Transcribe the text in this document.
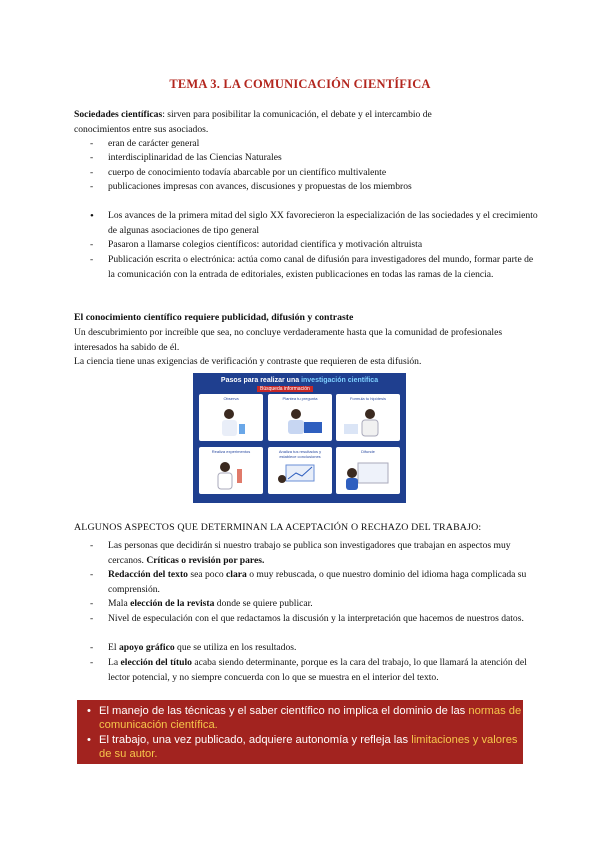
TEMA 3. LA COMUNICACIÓN CIENTÍFICA
Sociedades científicas: sirven para posibilitar la comunicación, el debate y el intercambio de
conocimientos entre sus asociados.
- eran de carácter general
- interdisciplinaridad de las Ciencias Naturales
- cuerpo de conocimiento todavía abarcable por un científico multivalente
- publicaciones impresas con avances, discusiones y propuestas de los miembros
• Los avances de la primera mitad del siglo XX favorecieron la especialización de las sociedades y el crecimiento de algunas asociaciones de tipo general
- Pasaron a llamarse colegios científicos: autoridad científica y motivación altruista
- Publicación escrita o electrónica: actúa como canal de difusión para investigadores del mundo, formar parte de la comunicación con la entrada de editoriales, existen publicaciones en todas las ramas de la ciencia.
El conocimiento científico requiere publicidad, difusión y contraste
Un descubrimiento por increíble que sea, no concluye verdaderamente hasta que la comunidad de profesionales interesados ha sabido de él.
La ciencia tiene unas exigencias de verificación y contraste que requieren de esta difusión.
Pasos para realizar una investigación científica
Búsqueda información
Observa	Plantea tu pregunta	Formula tu hipótesis
Realiza experimentos	Analiza tus resultados y establece conclusiones
Difunde
ALGUNOS ASPECTOS QUE DETERMINAN LA ACEPTACIÓN O RECHAZO DEL TRABAJO:
- Las personas que decidirán si nuestro trabajo se publica son investigadores que trabajan en aspectos muy cercanos. Críticas o revisión por pares.
- Redacción del texto sea poco clara o muy rebuscada, o que nuestro dominio del idioma haga complicada su comprensión.
- Mala elección de la revista donde se quiere publicar.
- Nivel de especulación con el que redactamos la discusión y la interpretación que hacemos de nuestros datos.
- El apoyo gráfico que se utiliza en los resultados.
- La elección del título acaba siendo determinante, porque es la cara del trabajo, lo que llamará la atención del lector potencial, y no siempre concuerda con lo que se muestra en el interior del texto.
• El manejo de las técnicas y el saber científico no implica el dominio de las normas de comunicación científica.
• El trabajo, una vez publicado, adquiere autonomía y refleja las limitaciones y valores de su autor.
